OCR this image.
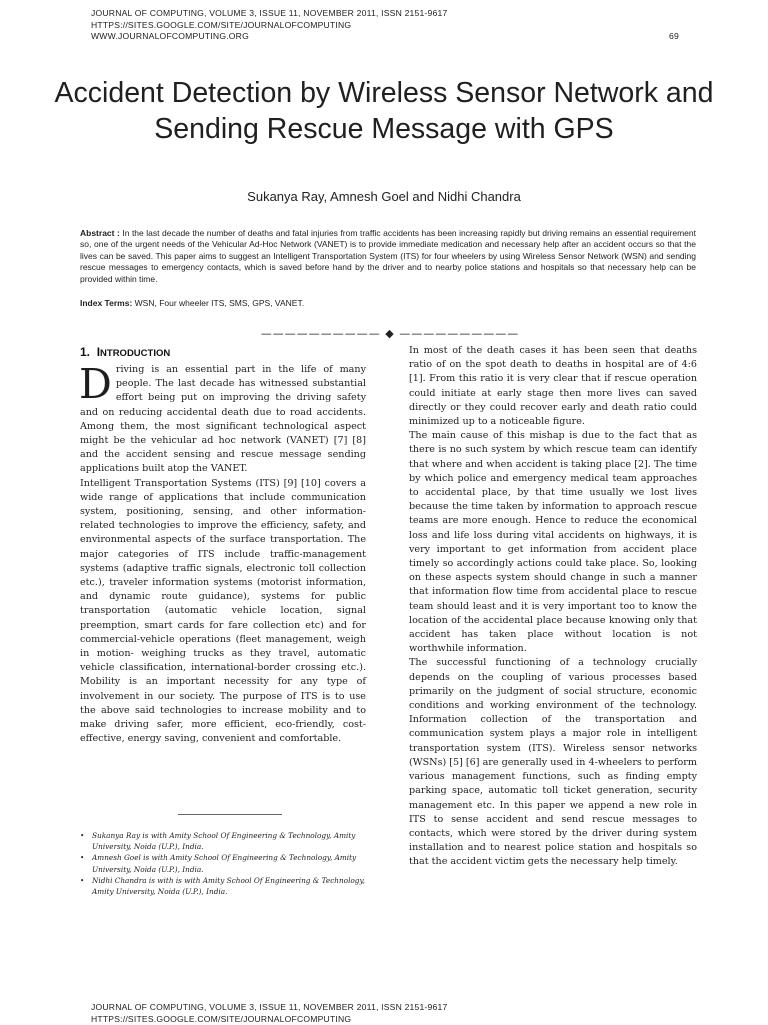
JOURNAL OF COMPUTING, VOLUME 3, ISSUE 11, NOVEMBER 2011, ISSN 2151-9617
HTTPS://SITES.GOOGLE.COM/SITE/JOURNALOFCOMPUTING
WWW.JOURNALOFCOMPUTING.ORG	69
Accident Detection by Wireless Sensor Network and Sending Rescue Message with GPS
Sukanya Ray, Amnesh Goel and Nidhi Chandra
Abstract : In the last decade the number of deaths and fatal injuries from traffic accidents has been increasing rapidly but driving remains an essential requirement so, one of the urgent needs of the Vehicular Ad-Hoc Network (VANET) is to provide immediate medication and necessary help after an accident occurs so that the lives can be saved. This paper aims to suggest an Intelligent Transportation System (ITS) for four wheelers by using Wireless Sensor Network (WSN) and sending rescue messages to emergency contacts, which is saved before hand by the driver and to nearby police stations and hospitals so that necessary help can be provided within time.
Index Terms: WSN, Four wheeler ITS, SMS, GPS, VANET.
—————————— ◆ ——————————
1. INTRODUCTION

Driving is an essential part in the life of many people. The last decade has witnessed substantial effort being put on improving the driving safety and on reducing accidental death due to road accidents. Among them, the most significant technological aspect might be the vehicular ad hoc network (VANET) [7] [8] and the accident sensing and rescue message sending applications built atop the VANET.

Intelligent Transportation Systems (ITS) [9] [10] covers a wide range of applications that include communication system, positioning, sensing, and other information-related technologies to improve the efficiency, safety, and environmental aspects of the surface transportation. The major categories of ITS include traffic-management systems (adaptive traffic signals, electronic toll collection etc.), traveler information systems (motorist information, and dynamic route guidance), systems for public transportation (automatic vehicle location, signal preemption, smart cards for fare collection etc) and for commercial-vehicle operations (fleet management, weigh in motion- weighing trucks as they travel, automatic vehicle classification, international-border crossing etc.). Mobility is an important necessity for any type of involvement in our society. The purpose of ITS is to use the above said technologies to increase mobility and to make driving safer, more efficient, eco-friendly, cost-effective, energy saving, convenient and comfortable.

• Sukanya Ray is with Amity School Of Engineering & Technology, Amity University, Noida (U.P.), India.
• Amnesh Goel is with Amity School Of Engineering & Technology, Amity University, Noida (U.P.), India.
• Nidhi Chandra is with is with Amity School Of Engineering & Technology, Amity University, Noida (U.P.), India.

In most of the death cases it has been seen that deaths ratio of on the spot death to deaths in hospital are of 4:6 [1]. From this ratio it is very clear that if rescue operation could initiate at early stage then more lives can saved directly or they could recover early and death ratio could minimized up to a noticeable figure.

The main cause of this mishap is due to the fact that as there is no such system by which rescue team can identify that where and when accident is taking place [2]. The time by which police and emergency medical team approaches to accidental place, by that time usually we lost lives because the time taken by information to approach rescue teams are more enough. Hence to reduce the economical loss and life loss during vital accidents on highways, it is very important to get information from accident place timely so accordingly actions could take place. So, looking on these aspects system should change in such a manner that information flow time from accidental place to rescue team should least and it is very important too to know the location of the accidental place because knowing only that accident has taken place without location is not worthwhile information.

The successful functioning of a technology crucially depends on the coupling of various processes based primarily on the judgment of social structure, economic conditions and working environment of the technology. Information collection of the transportation and communication system plays a major role in intelligent transportation system (ITS). Wireless sensor networks (WSNs) [5] [6] are generally used in 4-wheelers to perform various management functions, such as finding empty parking space, automatic toll ticket generation, security management etc. In this paper we append a new role in ITS to sense accident and send rescue messages to contacts, which were stored by the driver during system installation and to nearest police station and hospitals so that the accident victim gets the necessary help timely.

JOURNAL OF COMPUTING, VOLUME 3, ISSUE 11, NOVEMBER 2011, ISSN 2151-9617
HTTPS://SITES.GOOGLE.COM/SITE/JOURNALOFCOMPUTING
